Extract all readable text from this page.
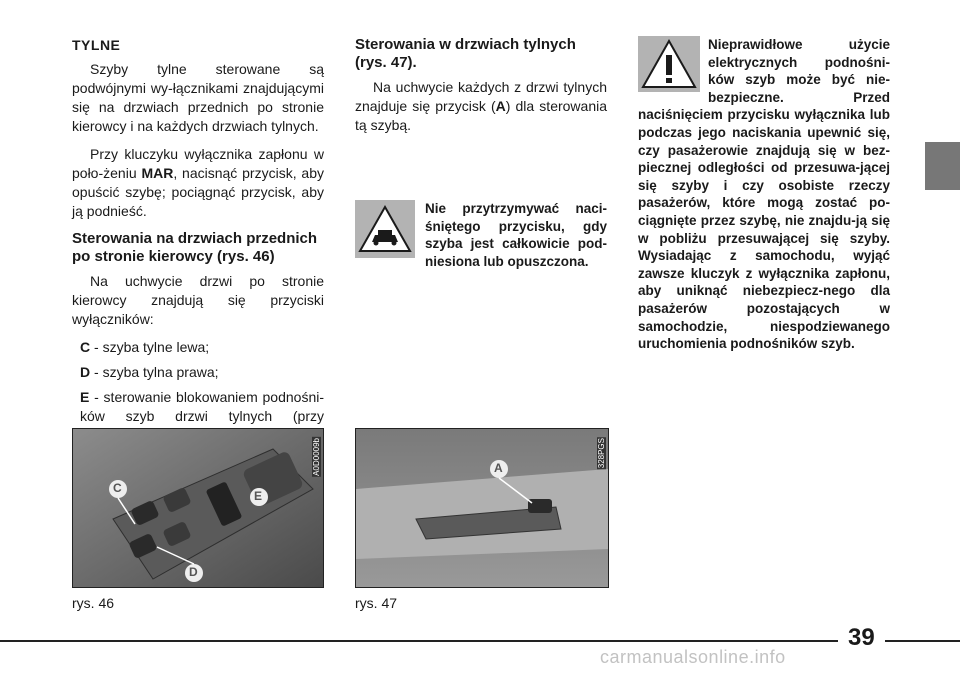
TYLNE

Szyby tylne sterowane są podwójnymi wy-łącznikami znajdującymi się na drzwiach przednich po stronie kierowcy i na każdych drzwiach tylnych.

Przy kluczyku wyłącznika zapłonu w poło-żeniu MAR, nacisnąć przycisk, aby opuścić szybę; pociągnąć przycisk, aby ją podnieść.

Sterowania na drzwiach przednich po stronie kierowcy (rys. 46)

Na uchwycie drzwi po stronie kierowcy znajdują się przyciski wyłączników:

C - szyba tylne lewa;
D - szyba tylna prawa;
E - sterowanie blokowaniem podnośni-ków szyb drzwi tylnych (przy
Sterowania w drzwiach tylnych (rys. 47).

Na uchwycie każdych z drzwi tylnych znajduje się przycisk (A) dla sterowania tą szybą.

Nie przytrzymywać naci-śniętego przycisku, gdy szyba jest całkowicie pod-niesiona lub opuszczona.
Nieprawidłowe użycie elektrycznych podnośni-ków szyb może być nie-bezpieczne. Przed naciśnięciem przycisku wyłącznika lub podczas jego naciskania upewnić się, czy pasażerowie znajdują się w bez-piecznej odległości od przesuwa-jącej się szyby i czy osobiste rzeczy pasażerów, które mogą zostać po-ciągnięte przez szybę, nie znajdu-ją się w pobliżu przesuwającej się szyby. Wysiadając z samochodu, wyjąć zawsze kluczyk z wyłącznika zapłonu, aby uniknąć niebezpiecz-nego dla pasażerów pozostających w samochodzie, niespodziewanego uruchomienia podnośników szyb.
C
E
D
A0D0009b	A	328PGS
rys. 46	rys. 47
39
carmanualsonline.info
